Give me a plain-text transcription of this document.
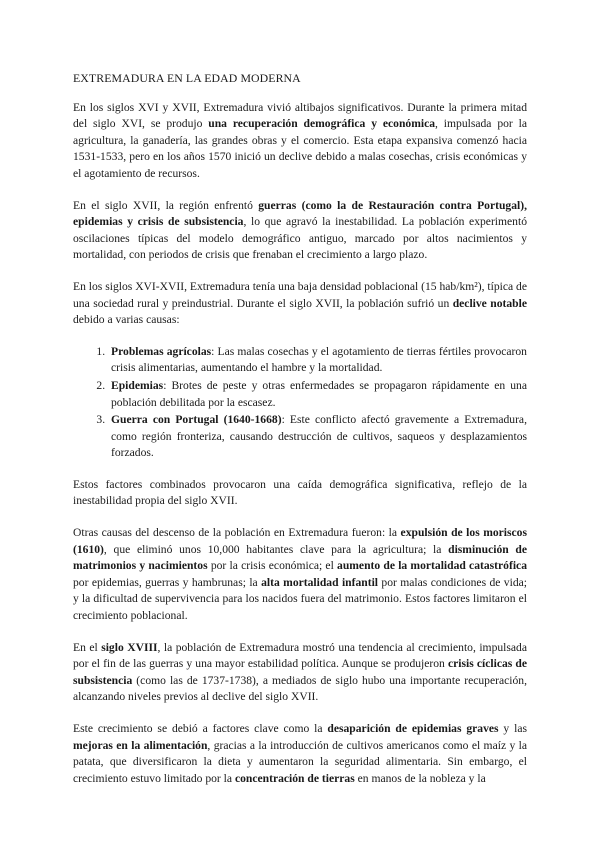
EXTREMADURA EN LA EDAD MODERNA

En los siglos XVI y XVII, Extremadura vivió altibajos significativos. Durante la primera mitad del siglo XVI, se produjo una recuperación demográfica y económica, impulsada por la agricultura, la ganadería, las grandes obras y el comercio. Esta etapa expansiva comenzó hacia 1531-1533, pero en los años 1570 inició un declive debido a malas cosechas, crisis económicas y el agotamiento de recursos.

En el siglo XVII, la región enfrentó guerras (como la de Restauración contra Portugal), epidemias y crisis de subsistencia, lo que agravó la inestabilidad. La población experimentó oscilaciones típicas del modelo demográfico antiguo, marcado por altos nacimientos y mortalidad, con periodos de crisis que frenaban el crecimiento a largo plazo.

En los siglos XVI-XVII, Extremadura tenía una baja densidad poblacional (15 hab/km²), típica de una sociedad rural y preindustrial. Durante el siglo XVII, la población sufrió un declive notable debido a varias causas:

1. Problemas agrícolas: Las malas cosechas y el agotamiento de tierras fértiles provocaron crisis alimentarias, aumentando el hambre y la mortalidad.
2. Epidemias: Brotes de peste y otras enfermedades se propagaron rápidamente en una población debilitada por la escasez.
3. Guerra con Portugal (1640-1668): Este conflicto afectó gravemente a Extremadura, como región fronteriza, causando destrucción de cultivos, saqueos y desplazamientos forzados.

Estos factores combinados provocaron una caída demográfica significativa, reflejo de la inestabilidad propia del siglo XVII.

Otras causas del descenso de la población en Extremadura fueron: la expulsión de los moriscos (1610), que eliminó unos 10,000 habitantes clave para la agricultura; la disminución de matrimonios y nacimientos por la crisis económica; el aumento de la mortalidad catastrófica por epidemias, guerras y hambrunas; la alta mortalidad infantil por malas condiciones de vida; y la dificultad de supervivencia para los nacidos fuera del matrimonio. Estos factores limitaron el crecimiento poblacional.

En el siglo XVIII, la población de Extremadura mostró una tendencia al crecimiento, impulsada por el fin de las guerras y una mayor estabilidad política. Aunque se produjeron crisis cíclicas de subsistencia (como las de 1737-1738), a mediados de siglo hubo una importante recuperación, alcanzando niveles previos al declive del siglo XVII.

Este crecimiento se debió a factores clave como la desaparición de epidemias graves y las mejoras en la alimentación, gracias a la introducción de cultivos americanos como el maíz y la patata, que diversificaron la dieta y aumentaron la seguridad alimentaria. Sin embargo, el crecimiento estuvo limitado por la concentración de tierras en manos de la nobleza y la
